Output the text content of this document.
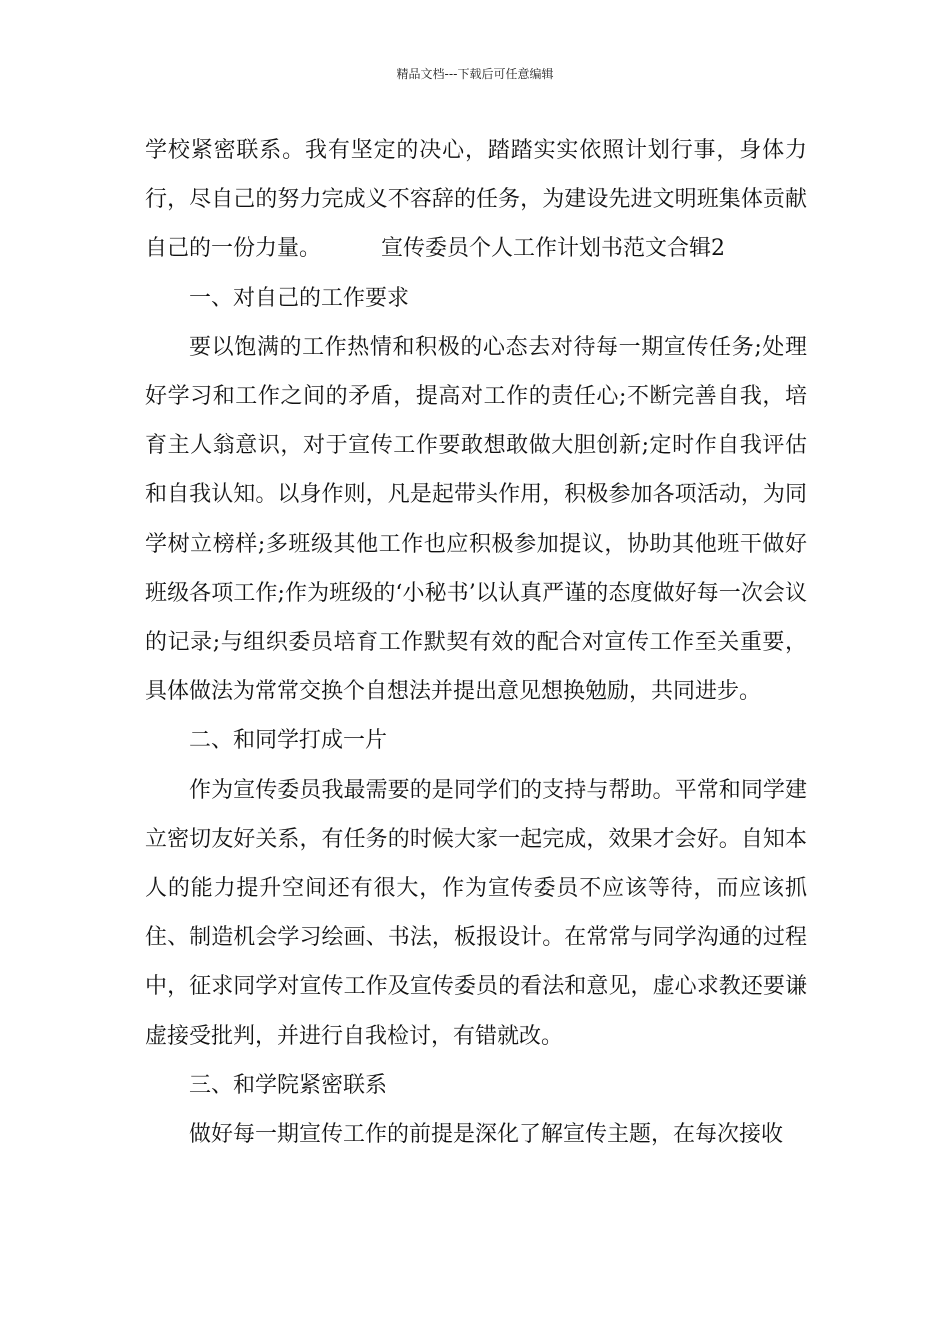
精品文档---下载后可任意编辑

学校紧密联系。我有坚定的决心，踏踏实实依照计划行事，身体力行，尽自己的努力完成义不容辞的任务，为建设先进文明班集体贡献自己的一份力量。	宣传委员个人工作计划书范文合辑2

一、对自己的工作要求

要以饱满的工作热情和积极的心态去对待每一期宣传任务;处理好学习和工作之间的矛盾，提高对工作的责任心;不断完善自我，培育主人翁意识，对于宣传工作要敢想敢做大胆创新;定时作自我评估和自我认知。以身作则，凡是起带头作用，积极参加各项活动，为同学树立榜样;多班级其他工作也应积极参加提议，协助其他班干做好班级各项工作;作为班级的‘小秘书’以认真严谨的态度做好每一次会议的记录;与组织委员培育工作默契有效的配合对宣传工作至关重要，具体做法为常常交换个自想法并提出意见想换勉励，共同进步。

二、和同学打成一片

作为宣传委员我最需要的是同学们的支持与帮助。平常和同学建立密切友好关系，有任务的时候大家一起完成，效果才会好。自知本人的能力提升空间还有很大，作为宣传委员不应该等待，而应该抓住、制造机会学习绘画、书法，板报设计。在常常与同学沟通的过程中，征求同学对宣传工作及宣传委员的看法和意见，虚心求教还要谦虚接受批判，并进行自我检讨，有错就改。

三、和学院紧密联系

做好每一期宣传工作的前提是深化了解宣传主题，在每次接收
